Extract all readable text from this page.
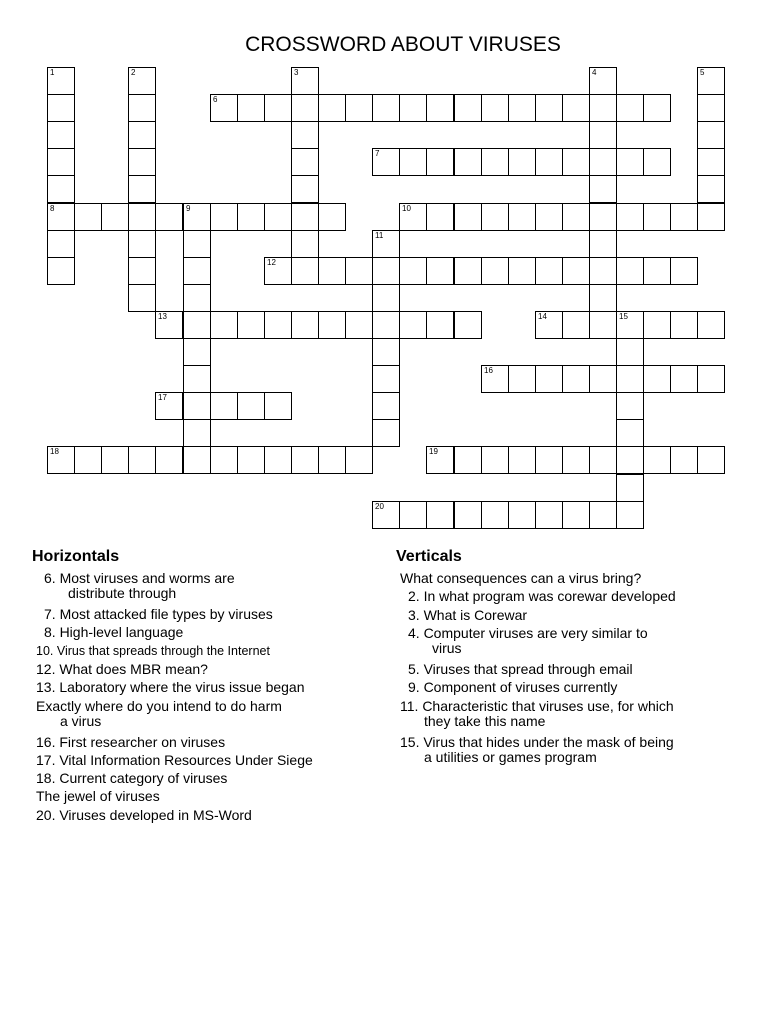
CROSSWORD ABOUT VIRUSES
1
8
2	3	4	5
6
7
9	10
11
12
13	14	15
16
17
18	19
20
Horizontals
6. Most viruses and worms are
distribute through
7. Most attacked file types by viruses
8. High-level language
10. Virus that spreads through the Internet
12. What does MBR mean?
13. Laboratory where the virus issue began
Exactly where do you intend to do harm
a virus
16. First researcher on viruses
17. Vital Information Resources Under Siege
18. Current category of viruses
The jewel of viruses
20. Viruses developed in MS-Word
Verticals
What consequences can a virus bring?
2. In what program was corewar developed
3. What is Corewar
4. Computer viruses are very similar to
virus
5. Viruses that spread through email
9. Component of viruses currently
11. Characteristic that viruses use, for which
they take this name
15. Virus that hides under the mask of being
a utilities or games program
